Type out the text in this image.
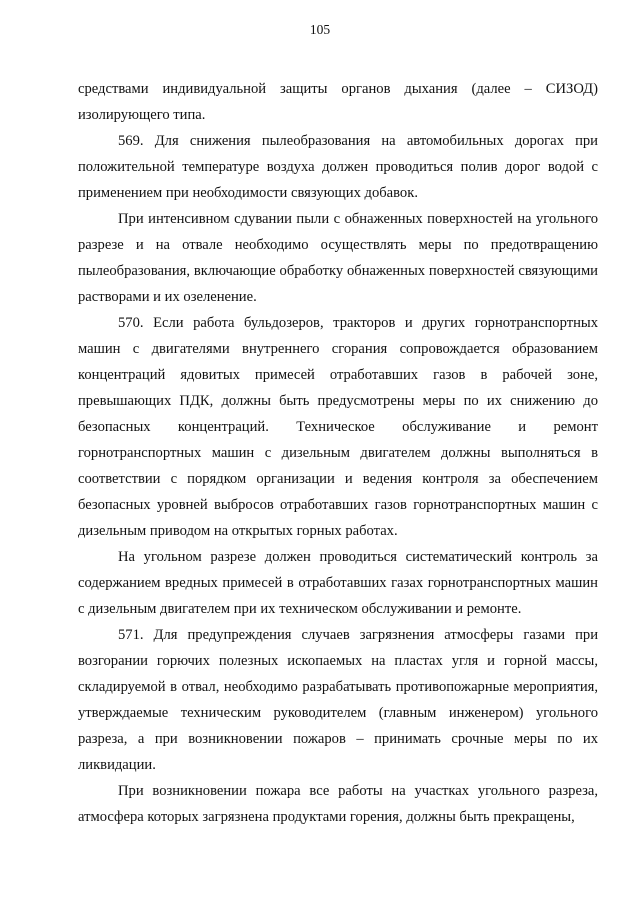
105

средствами индивидуальной защиты органов дыхания (далее – СИЗОД) изолирующего типа.

569. Для снижения пылеобразования на автомобильных дорогах при положительной температуре воздуха должен проводиться полив дорог водой с применением при необходимости связующих добавок.

При интенсивном сдувании пыли с обнаженных поверхностей на угольного разрезе и на отвале необходимо осуществлять меры по предотвращению пылеобразования, включающие обработку обнаженных поверхностей связующими растворами и их озеленение.

570. Если работа бульдозеров, тракторов и других горнотранспортных машин с двигателями внутреннего сгорания сопровождается образованием концентраций ядовитых примесей отработавших газов в рабочей зоне, превышающих ПДК, должны быть предусмотрены меры по их снижению до безопасных концентраций. Техническое обслуживание и ремонт горнотранспортных машин с дизельным двигателем должны выполняться в соответствии с порядком организации и ведения контроля за обеспечением безопасных уровней выбросов отработавших газов горнотранспортных машин с дизельным приводом на открытых горных работах.

На угольном разрезе должен проводиться систематический контроль за содержанием вредных примесей в отработавших газах горнотранспортных машин с дизельным двигателем при их техническом обслуживании и ремонте.

571. Для предупреждения случаев загрязнения атмосферы газами при возгорании горючих полезных ископаемых на пластах угля и горной массы, складируемой в отвал, необходимо разрабатывать противопожарные мероприятия, утверждаемые техническим руководителем (главным инженером) угольного разреза, а при возникновении пожаров – принимать срочные меры по их ликвидации.

При возникновении пожара все работы на участках угольного разреза, атмосфера которых загрязнена продуктами горения, должны быть прекращены,
